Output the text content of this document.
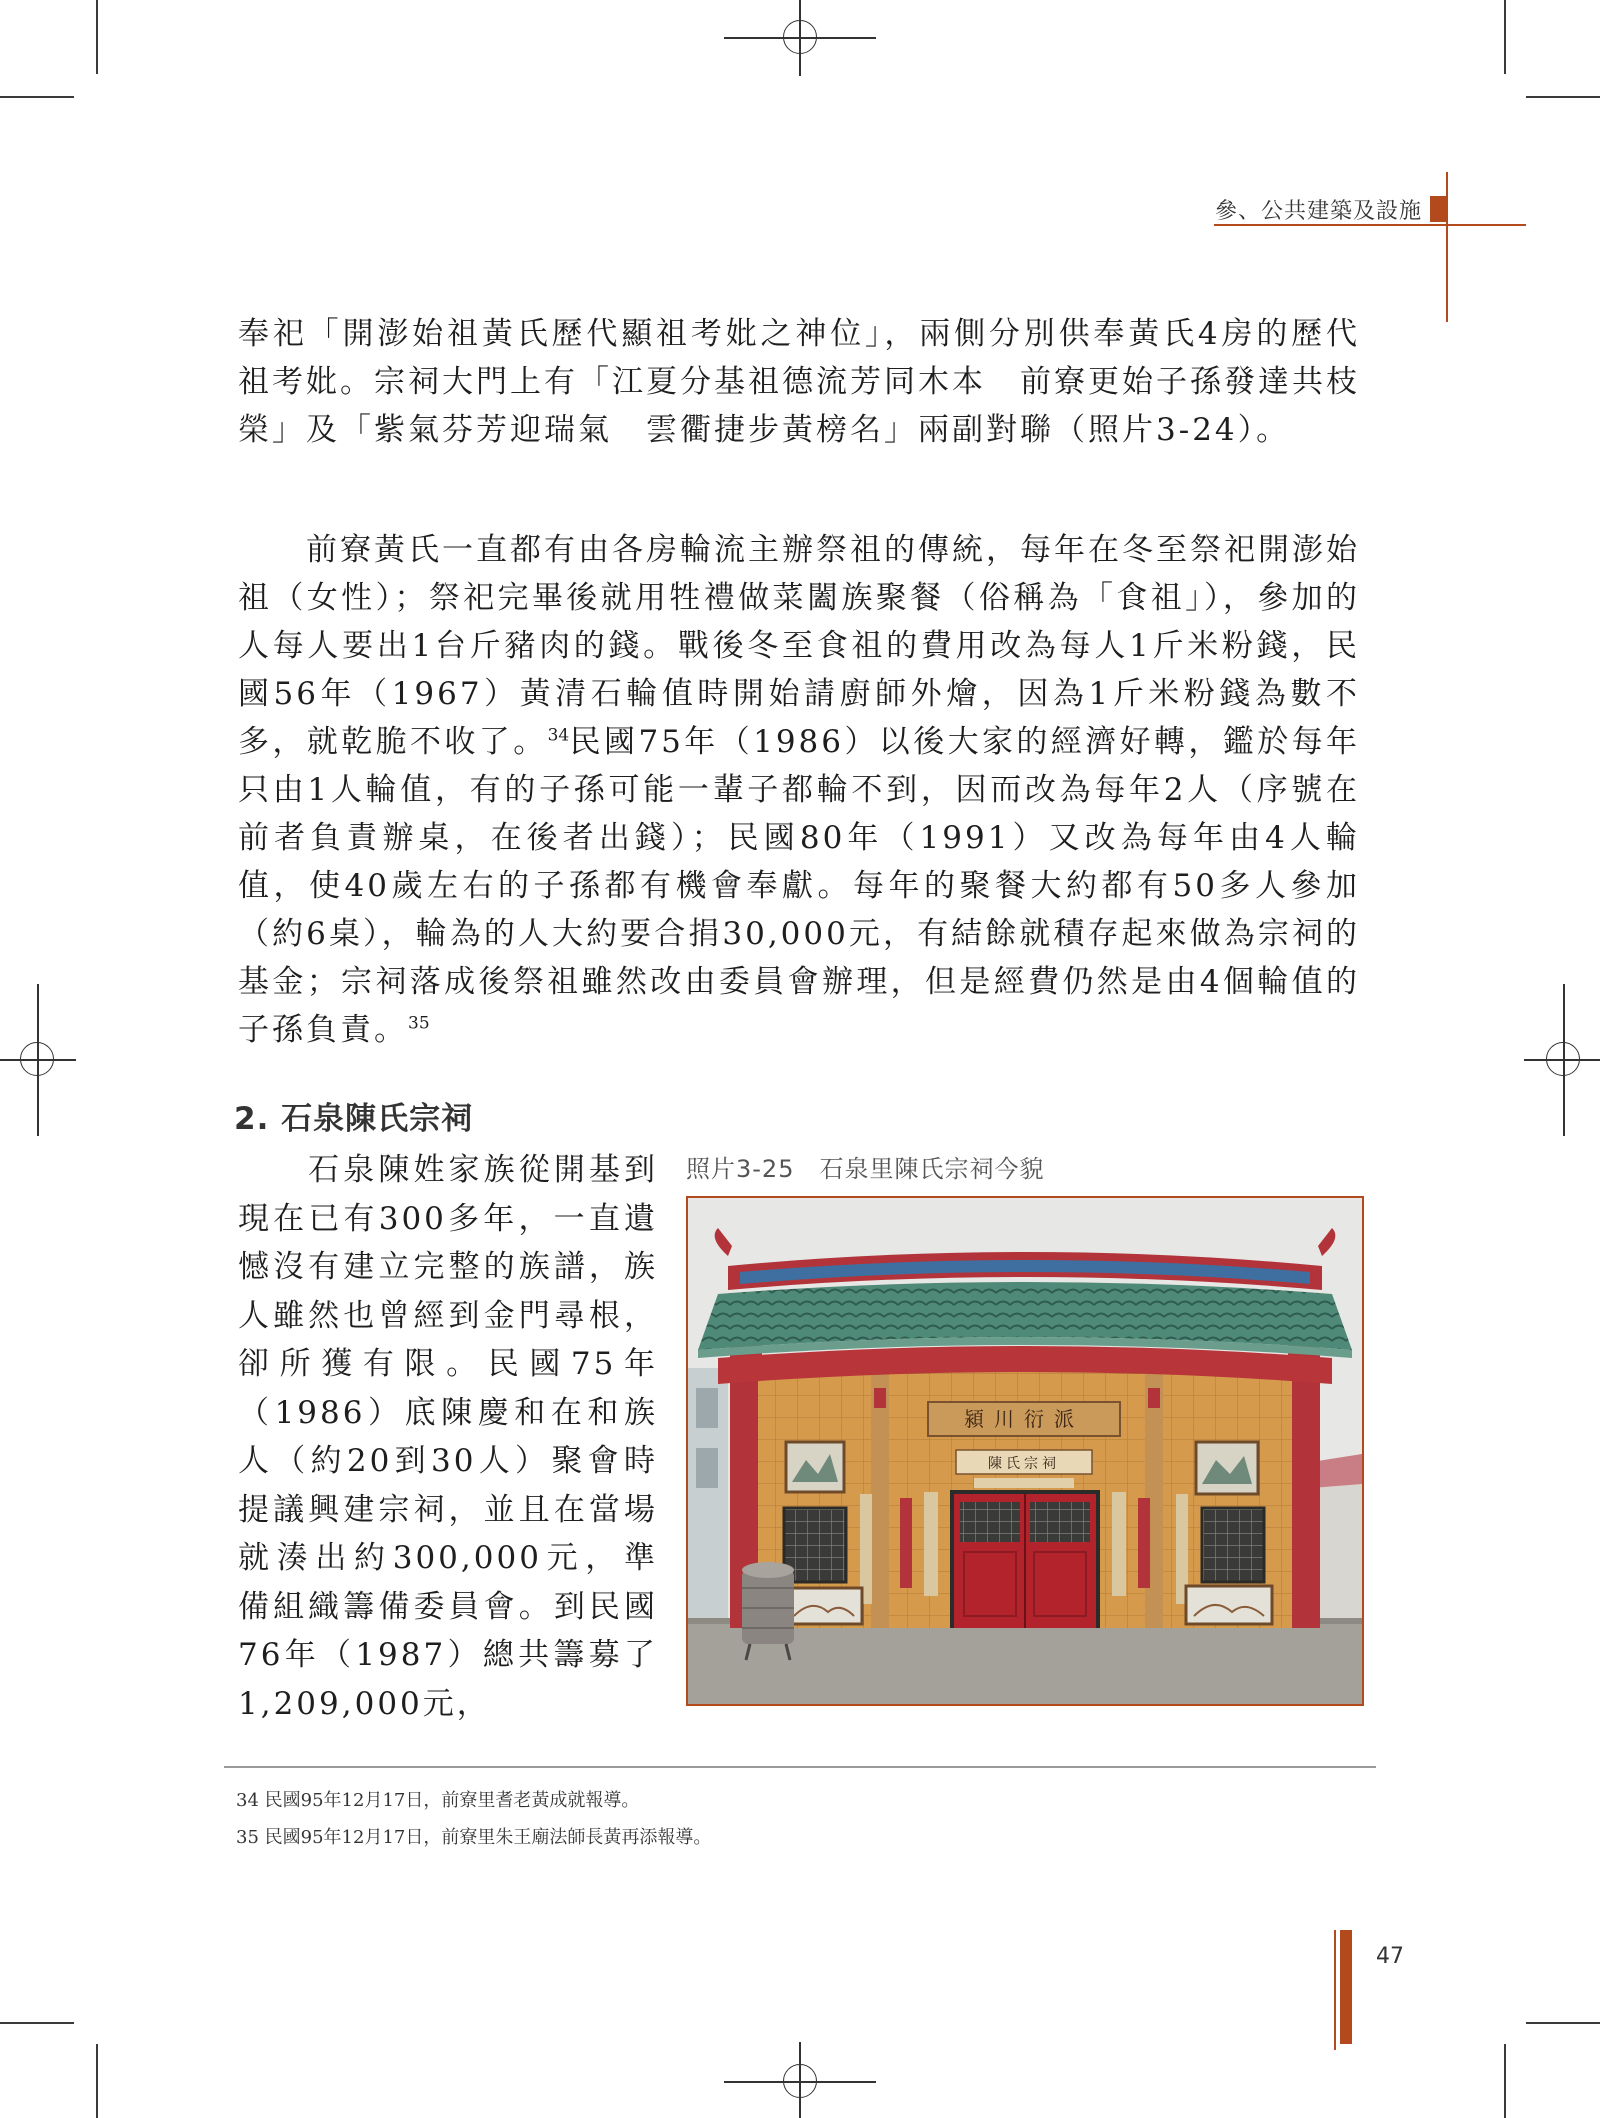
參、公共建築及設施

奉祀「開澎始祖黃氏歷代顯祖考妣之神位」，兩側分別供奉黃氏4房的歷代祖考妣。宗祠大門上有「江夏分基祖德流芳同木本　前寮更始子孫發達共枝榮」及「紫氣芬芳迎瑞氣　雲衢捷步黃榜名」兩副對聯（照片3-24）。

　　前寮黃氏一直都有由各房輪流主辦祭祖的傳統，每年在冬至祭祀開澎始祖（女性）；祭祀完畢後就用牲禮做菜闔族聚餐（俗稱為「食祖」），參加的人每人要出1台斤豬肉的錢。戰後冬至食祖的費用改為每人1斤米粉錢，民國56年（1967）黃清石輪值時開始請廚師外燴，因為1斤米粉錢為數不多，就乾脆不收了。$^{34}$民國75年（1986）以後大家的經濟好轉，鑑於每年只由1人輪值，有的子孫可能一輩子都輪不到，因而改為每年2人（序號在前者負責辦桌，在後者出錢）；民國80年（1991）又改為每年由4人輪值，使40歲左右的子孫都有機會奉獻。每年的聚餐大約都有50多人參加（約6桌），輪為的人大約要合捐30,000元，有結餘就積存起來做為宗祠的基金；宗祠落成後祭祖雖然改由委員會辦理，但是經費仍然是由4個輪值的子孫負責。$^{35}$

2. 石泉陳氏宗祠

　　石泉陳姓家族從開基到現在已有300多年，一直遺憾沒有建立完整的族譜，族人雖然也曾經到金門尋根，卻所獲有限。民國75年（1986）底陳慶和在和族人（約20到30人）聚會時提議興建宗祠，並且在當場就湊出約300,000元，準備組織籌備委員會。到民國76年（1987）總共籌募了1,209,000元，

照片3-25　石泉里陳氏宗祠今貌
潁川衍派
陳氏宗祠
34 民國95年12月17日，前寮里耆老黃成就報導。
35 民國95年12月17日，前寮里朱王廟法師長黃再添報導。
47
